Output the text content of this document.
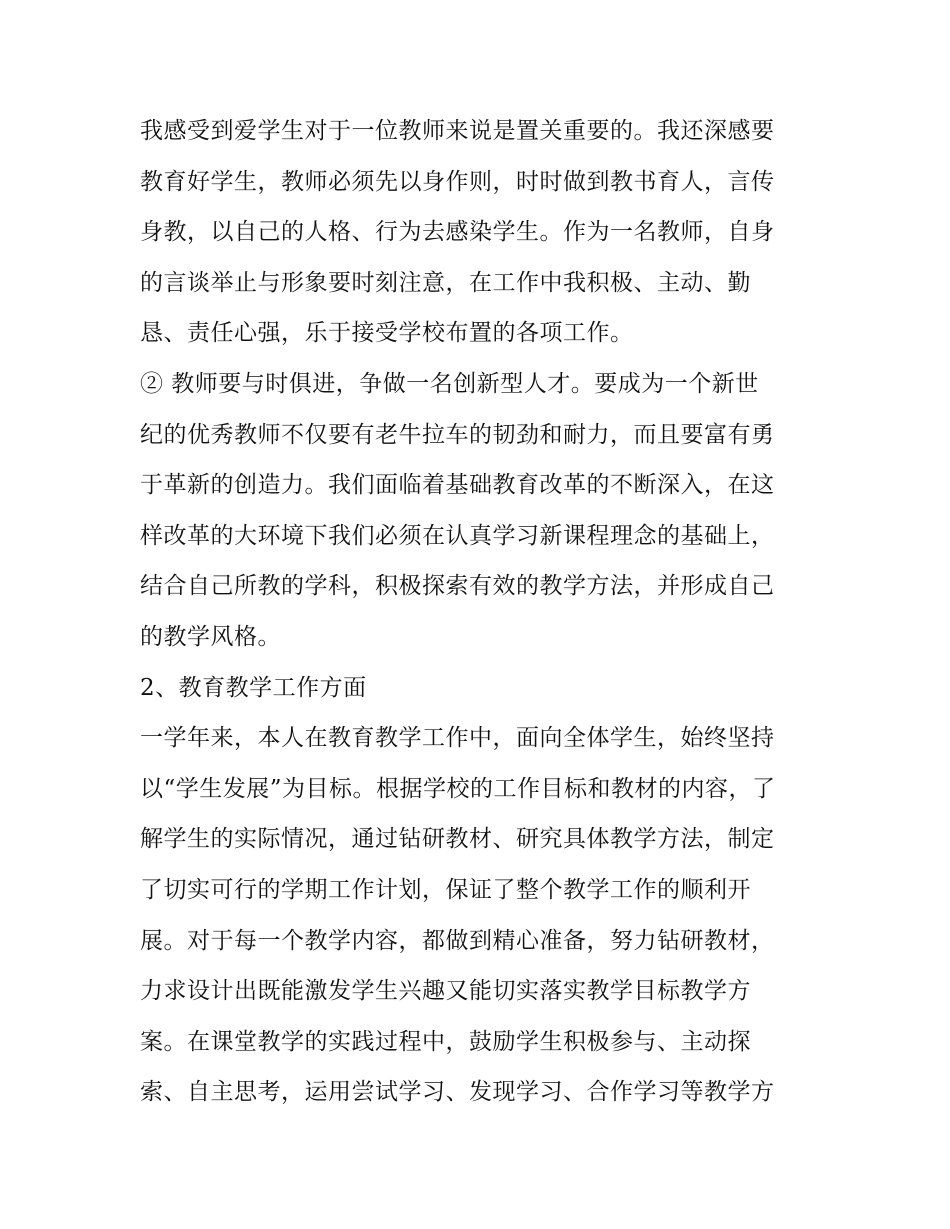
我感受到爱学生对于一位教师来说是置关重要的。我还深感要
教育好学生，教师必须先以身作则，时时做到教书育人，言传
身教，以自己的人格、行为去感染学生。作为一名教师，自身
的言谈举止与形象要时刻注意，在工作中我积极、主动、勤
恳、责任心强，乐于接受学校布置的各项工作。
② 教师要与时俱进，争做一名创新型人才。要成为一个新世
纪的优秀教师不仅要有老牛拉车的韧劲和耐力，而且要富有勇
于革新的创造力。我们面临着基础教育改革的不断深入，在这
样改革的大环境下我们必须在认真学习新课程理念的基础上，
结合自己所教的学科，积极探索有效的教学方法，并形成自己
的教学风格。
2、教育教学工作方面
一学年来，本人在教育教学工作中，面向全体学生，始终坚持
以“学生发展”为目标。根据学校的工作目标和教材的内容，了
解学生的实际情况，通过钻研教材、研究具体教学方法，制定
了切实可行的学期工作计划，保证了整个教学工作的顺利开
展。对于每一个教学内容，都做到精心准备，努力钻研教材，
力求设计出既能激发学生兴趣又能切实落实教学目标教学方
案。在课堂教学的实践过程中，鼓励学生积极参与、主动探
索、自主思考，运用尝试学习、发现学习、合作学习等教学方
